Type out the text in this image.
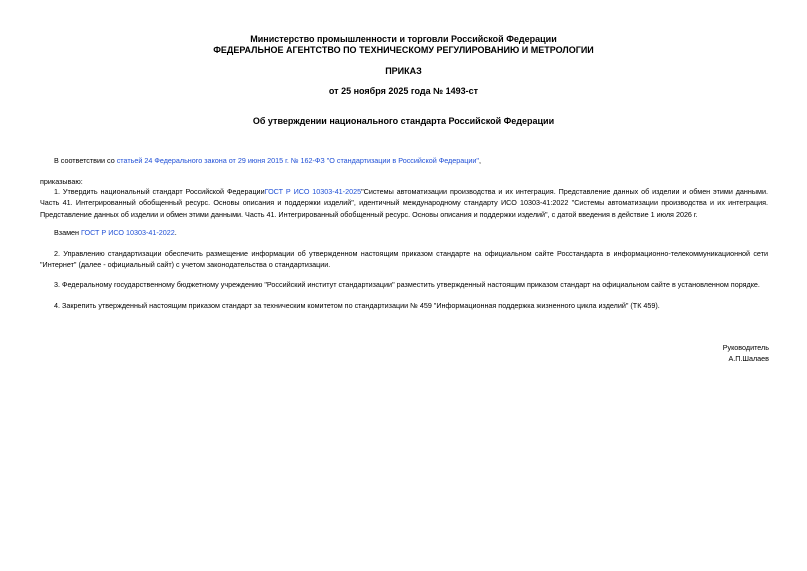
Министерство промышленности и торговли Российской Федерации
ФЕДЕРАЛЬНОЕ АГЕНТСТВО ПО ТЕХНИЧЕСКОМУ РЕГУЛИРОВАНИЮ И МЕТРОЛОГИИ
ПРИКАЗ
от 25 ноября 2025 года № 1493-ст
Об утверждении национального стандарта Российской Федерации
В соответствии со статьей 24 Федерального закона от 29 июня 2015 г. № 162-ФЗ "О стандартизации в Российской Федерации",
приказываю:
1. Утвердить национальный стандарт Российской ФедерацииГОСТ Р ИСО 10303-41-2025"Системы автоматизации производства и их интеграция. Представление данных об изделии и обмен этими данными. Часть 41. Интегрированный обобщенный ресурс. Основы описания и поддержки изделий", идентичный международному стандарту ИСО 10303-41:2022 "Системы автоматизации производства и их интеграция. Представление данных об изделии и обмен этими данными. Часть 41. Интегрированный обобщенный ресурс. Основы описания и поддержки изделий", с датой введения в действие 1 июля 2026 г.
Взамен ГОСТ Р ИСО 10303-41-2022.
2. Управлению стандартизации обеспечить размещение информации об утвержденном настоящим приказом стандарте на официальном сайте Росстандарта в информационно-телекоммуникационной сети "Интернет" (далее - официальный сайт) с учетом законодательства о стандартизации.
3. Федеральному государственному бюджетному учреждению "Российский институт стандартизации" разместить утвержденный настоящим приказом стандарт на официальном сайте в установленном порядке.
4. Закрепить утвержденный настоящим приказом стандарт за техническим комитетом по стандартизации № 459 "Информационная поддержка жизненного цикла изделий" (ТК 459).
Руководитель
А.П.Шалаев
